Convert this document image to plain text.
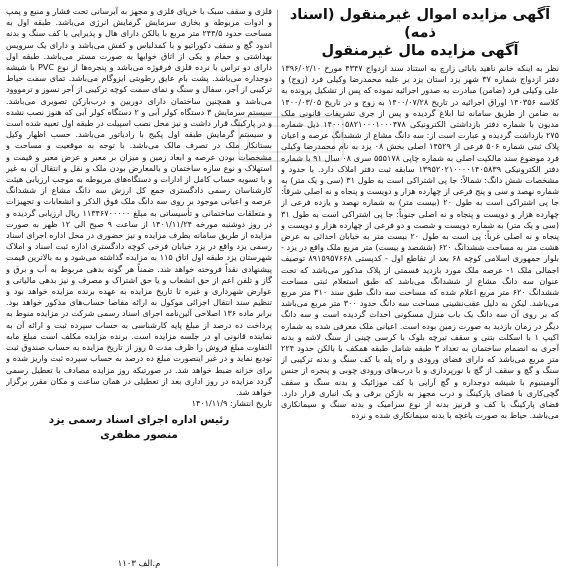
آگهی مزایده اموال غیرمنقول (اسناد ذمه)
آگهی مزایده مال غیرمنقول

نظر به اینکه خانم ناهید بابائی زارچ به استناد سند ازدواج ۴۳۴۷ مورخ ۱۳۹۶/۰۲/۱۰ دفتر ازدواج شماره ۳۷ شهر یزد استان یزد بر علیه محمدرضا وکیلی فرد (زوج) و علی وکیلی فرد (ضامن) مبادرت به صدور اجرائیه نموده که پس از تشکیل پرونده به کلاسه ۱۴۰۳۵۶ اوراق اجرائیه در تاریخ ۱۴۰۰/۰۷/۲۸ به زوج و در تاریخ ۱۴۰۰/۰۳/۰۵ به ضامن از طریق سامانه ثنا ابلاغ گردیده و پس از جری تشریفات قانونی ملک مدیون با شماره دفتر بازداشتی الکترونیکی ۱۴۰۰۰۵۸۲۱۰۰۰۱۰۰۰۴۷۸ ذیل شماره ۲۷۵ بازداشت گردیده و عبارت است از: سه دانگ مشاع از ششدانگ عرصه و اعیان پلاک ثبتی شماره ۵۰۶ فرعی از ۱۴۵۲۹ اصلی بخش ۰۸ یزد به نام محمدرضا وکیلی فرد موضوع سند مالکیت اصلی به شماره چاپی ۵۵۵۱۷۸ سری ۰۸ سال ۹۱ با شماره دفتر الکترونیکی ۱۳۹۵۲۰۲۱۰۰۰۰۱۴۰۵۸۳۹ سابقه ثبت دفتر املاک دارد. با حدود و مشخصات شش دانگ: شمالاً: جا پی اشتراکی است به طول ۳۱ (سی و یک متر) به شماره نهصد و سی و پنج فرعی از چهارده هزار و دویست و پنجاه و نه اصلی شرقاً: جا پی اشتراکی است به طول ۲۰ (بیست متر) به شماره نهصد و یازده فرعی از چهارده هزار و دویست و پنجاه و نه اصلی جنوباً: جا پی اشتراکی است به طول ۳۱ (سی و یک متر) به شماره دویست و شصت و دو فرعی از چهارده هزار و دویست و پنجاه و نه اصلی غرباً: پی است به طول ۲۰ بیست متر به خیابان احداثی به عرض هشت متر به مساحت ششدانگ ۶۲۰ (ششصد و بیست) متر مربع ملک واقع در یزد - بلوار جمهوری اسلامی کوچه ۶۸ بعد از تقاطع اول - کدپستی ۸۹۱۵۹۵۷۶۶۸ توصیف اجمالی ملک ۱- عرصه ملک مورد بازدید قسمتی از پلاک مذکور می‌باشد که تحت عنوان سه دانگ مشاع از ششدانگ می‌باشد که طبق استعلام ثبتی مساحت ششدانگ ۶۲۰ متر مربع اعلام شده که مساحت سه دانگ طبق سند ۳۱۰ متر مربع می‌باشد. لیکن به دلیل عقب‌نشینی مساحت سه دانگ حدود ۳۰۰ متر مربع می‌باشد که بر روی آن سه دانگ یک باب منزل مسکونی احداث گردیده است و سه دانگ دیگر در زمان بازدید به صورت زمین بوده است. اعیانی ملک معرفی شده به شماره اکیپ ۱ با اسکلت بتنی و سقف تیرچه بلوک با کرسی چینی از سنگ لاشه و بدنه آجری به انضمام ساختمان به تعداد ۳ طبقه شامل طبقه همکف با بالکن حدود ۲۲۴ متر مربع می‌باشد که دارای فضای ورودی و راه پله با کف سنگ و بدنه ترکیبی از سنگ و گچ و سقف از گچ با نورپردازی و با درب‌های ورودی چوبی و پنجره از جنس آلومینیوم با شیشه دوجداره و گچ آرایی با کف موزائیک و بدنه سنگ و سقف گچی‌کاری با فضای پارکینگ و درب مجهز به بازکن برقی و یک انباری قرار دارد. فضای پارکینگ با کف و قرنیز بدنه از نوع سرامیک و بدنه سنگ و سیمانکاری می‌باشد. حیاط به صورت باغچه با بدنه سیمانکاری شده و نرده

فلزی و سقف سبک با خرپای فلزی و مجهز به آبرسانی تحت فشار و منبع و پمپ و ادوات مربوطه و بخاری سرمایش گرمایش انرژی می‌باشد. طبقه اول به مساحت حدود ۲۴۴/۵ متر مربع با بالکن دارای هال و پذیرایی با کف سنگ و بدنه اندود گچ و سقف دکوراتیو و با کمدلباس و کفش می‌باشد و دارای یک سرویس بهداشتی و حمام و یکی از اتاق خوابها به صورت مستر می‌باشد. طبقه اول دارای دو تراس با نرده فلزی فرفوژه می‌باشد و پنجره‌ها از نوع PVC با شیشه دوجداره می‌باشد. پشت بام عایق رطوبتی ایزوگام می‌باشد. تمای سمت حیاط ترکیبی از آجر، سفال و سنگ و نمای سمت کوچه ترکیبی از آجر نسوز و ترمووود می‌باشد و همچنین ساختمان دارای دوربین و درب‌بازکن تصویری می‌باشد. سیستم سرمایش ۳ دستگاه کولر آبی و ۲ دستگاه کولر آبی که هنوز نصب نشده و در پارکینگ قرار داشت و نیز محل نصب اسپیلت در طبقه اول تعبیه شده است و سیستم گرمایش طبقه اول پکیج با رادیاتور می‌باشد. حسب اظهار وکیل بستانکار ملک در تصرف مالک می‌باشد. با توجه به موقعیت و مساحت و مشخصات بودن عرصه و ابعاد زمین و میزان بر معبر و عرض معبر و قیمت و استهلاک و نوع سازه ساختمان و بالمعارض بودن ملک و نقل و انتقال آن به غیر و با تسویه حساب کامل از ادارات و دستگاه‌های مربوطه به موجب ارزیابی هیئت کارشناسان رسمی دادگستری جمع کل ارزش سه دانگ مشاع از ششدانگ عرصه و اعیانی موجود بر روی سه دانگ ملک فوق الذکر و انشعابات و تجهیزات و متعلقات ساختمانی و تأسیساتی به مبلغ ۱۱۳۴۶۷۰۰۰۰۰ ریال ارزیابی گردیده و در روز دوشنبه مورخه ۱۴۰۱/۱۱/۲۴ از ساعت ۹ صبح الی ۱۲ ظهر به صورت مزایده از طریق سامانه بطرف مزایده و نیز حضوری در محل اداره اجرای اسناد رسمی یزد واقع در یزد خیابان فرخی کوچه دادگستری اداره ثبت اسناد و املاک شهرستان یزد طبقه اول اتاق ۱۱۵ به مزایده گذاشته می‌شود و به بالاترین قیمت پیشنهادی نقداً فروخته خواهد شد. ضمناً هر گونه بدهی مربوط به آب و برق و گاز و تلفن اعم از حق انشعاب و یا حق اشتراک و مصرف و نیز بدهی مالیاتی و عوارض شهرداری و غیره تا تاریخ مزایده به عهده برنده مزایده خواهد بود و تنظیم سند انتقال اجرائی موکول به ارائه مفاصا حساب‌های مذکور خواهد بود. برابر ماده ۱۳۶ اصلاحی آئین‌نامه اجرای اسناد رسمی شرکت در مزایده منوط به پرداخت ده درصد از مبلغ پایه کارشناسی به حساب سپرده ثبت و ارائه آن به نماینده قانونی او در جلسه مزایده است. برنده مزایده مکلف است مبلغ مابه التفاوت مبلغ فروش را ظرف مدت ۵ روز از تاریخ مزایده به حساب صندوق ثبت تودیع نماید و در غیر اینصورت مبلغ ده درصد به حساب سپرده ثبت واریز شده و برای خزانه ضبط خواهد شد. در صورتیکه روز مزایده مصادف با تعطیل رسمی گردد مزایده در روز اداری بعد از تعطیلی در همان ساعت و مکان مقرر برگزار خواهد شد.

تاریخ انتشار: ۱۴۰۱/۱۱/۹

رئیس اداره اجرای اسناد رسمی یزد
منصور مظفری
م.الف ۱۱۰۳
